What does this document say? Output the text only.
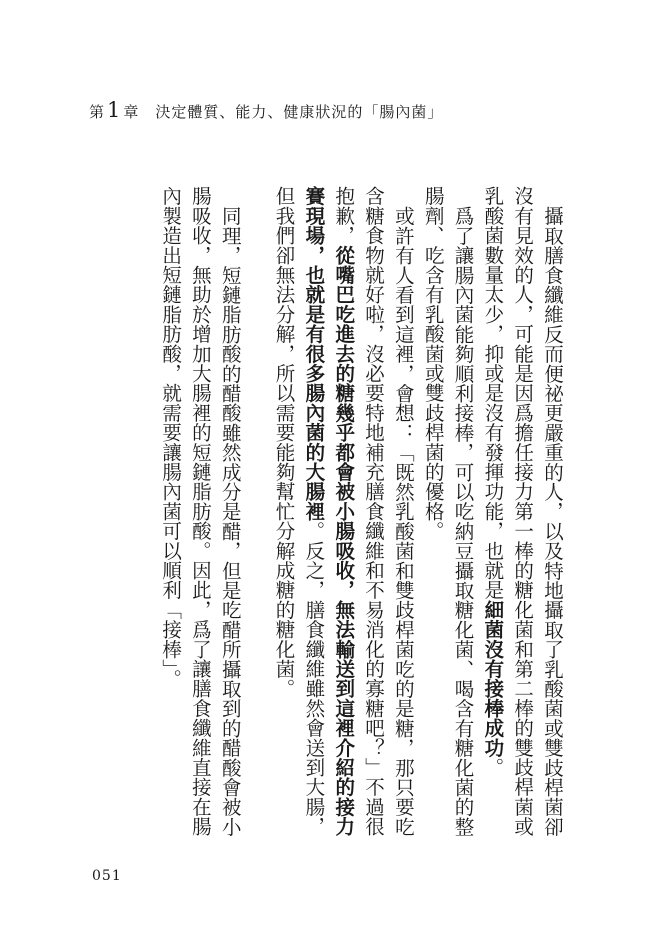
第 1 章 決定體質、能力、健康狀況的「腸內菌」

攝取膳食纖維反而便祕更嚴重的人，以及特地攝取了乳酸菌或雙歧桿菌卻沒有見效的人，可能是因爲擔任接力第一棒的糖化菌和第二棒的雙歧桿菌或乳酸菌數量太少，抑或是沒有發揮功能，也就是細菌沒有接棒成功。

爲了讓腸內菌能夠順利接棒，可以吃納豆攝取糖化菌、喝含有糖化菌的整腸劑、吃含有乳酸菌或雙歧桿菌的優格。

或許有人看到這裡，會想：「既然乳酸菌和雙歧桿菌吃的是糖，那只要吃含糖食物就好啦，沒必要特地補充膳食纖維和不易消化的寡糖吧？」不過很抱歉，從嘴巴吃進去的糖幾乎都會被小腸吸收，無法輸送到這裡介紹的接力賽現場，也就是有很多腸內菌的大腸裡。反之，膳食纖維雖然會送到大腸，但我們卻無法分解，所以需要能夠幫忙分解成糖的糖化菌。

同理，短鏈脂肪酸的醋酸雖然成分是醋，但是吃醋所攝取到的醋酸會被小腸吸收，無助於增加大腸裡的短鏈脂肪酸。因此，爲了讓膳食纖維直接在腸內製造出短鏈脂肪酸，就需要讓腸內菌可以順利「接棒」。

051
